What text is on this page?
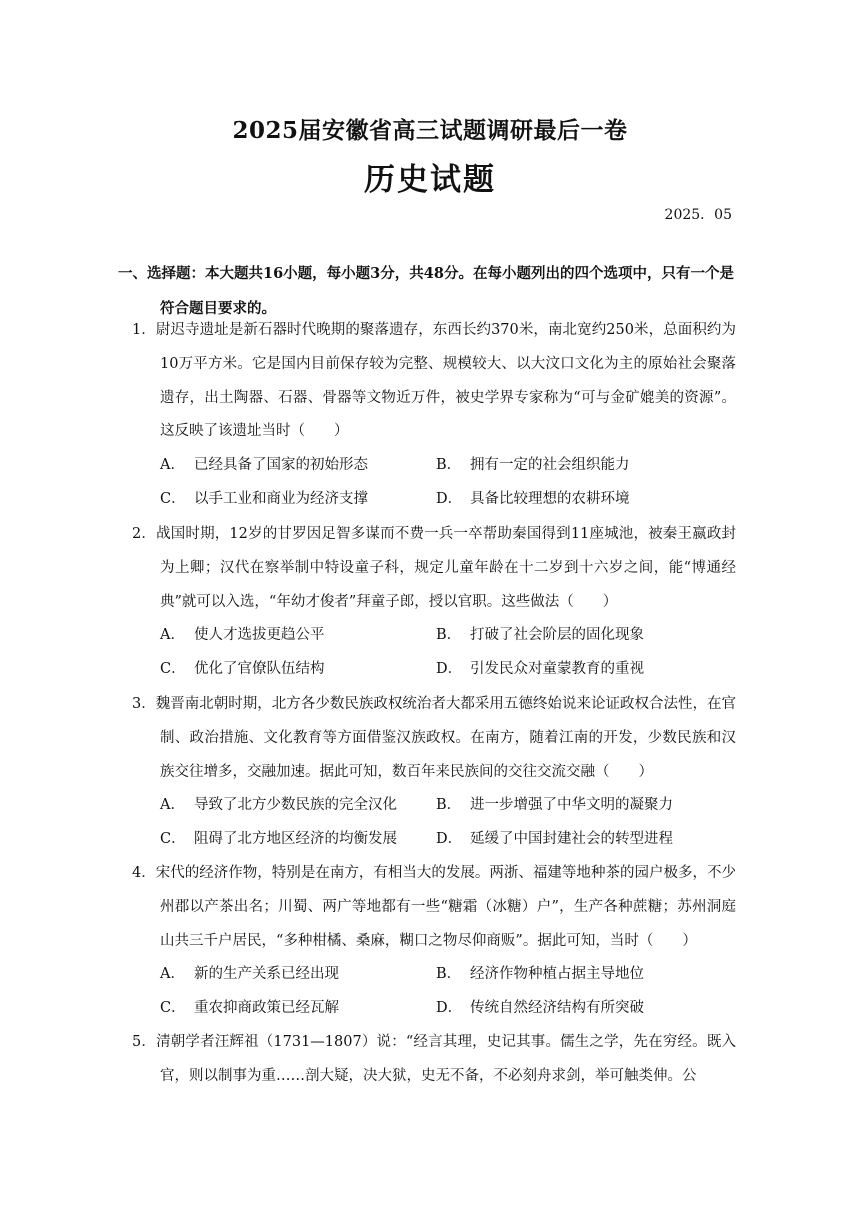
2025届安徽省高三试题调研最后一卷
历史试题
2025．05
一、选择题：本大题共16小题，每小题3分，共48分。在每小题列出的四个选项中，只有一个是符合题目要求的。
1．尉迟寺遗址是新石器时代晚期的聚落遗存，东西长约370米，南北宽约250米，总面积约为10万平方米。它是国内目前保存较为完整、规模较大、以大汶口文化为主的原始社会聚落遗存，出土陶器、石器、骨器等文物近万件，被史学界专家称为“可与金矿媲美的资源”。这反映了该遗址当时（　　）
A． 已经具备了国家的初始形态	B． 拥有一定的社会组织能力
C． 以手工业和商业为经济支撑	D． 具备比较理想的农耕环境
2．战国时期，12岁的甘罗因足智多谋而不费一兵一卒帮助秦国得到11座城池，被秦王嬴政封为上卿；汉代在察举制中特设童子科，规定儿童年龄在十二岁到十六岁之间，能“博通经典”就可以入选，“年幼才俊者”拜童子郎，授以官职。这些做法（　　）
A． 使人才选拔更趋公平	B． 打破了社会阶层的固化现象
C． 优化了官僚队伍结构	D． 引发民众对童蒙教育的重视
3．魏晋南北朝时期，北方各少数民族政权统治者大都采用五德终始说来论证政权合法性，在官制、政治措施、文化教育等方面借鉴汉族政权。在南方，随着江南的开发，少数民族和汉族交往增多，交融加速。据此可知，数百年来民族间的交往交流交融（　　）
A． 导致了北方少数民族的完全汉化	B． 进一步增强了中华文明的凝聚力
C． 阻碍了北方地区经济的均衡发展	D． 延缓了中国封建社会的转型进程
4．宋代的经济作物，特别是在南方，有相当大的发展。两浙、福建等地种茶的园户极多，不少州郡以产茶出名；川蜀、两广等地都有一些“糖霜（冰糖）户”，生产各种蔗糖；苏州洞庭山共三千户居民，“多种柑橘、桑麻，糊口之物尽仰商贩”。据此可知，当时（　　）
A． 新的生产关系已经出现	B． 经济作物种植占据主导地位
C． 重农抑商政策已经瓦解	D． 传统自然经济结构有所突破
5．清朝学者汪辉祖（1731—1807）说：“经言其理，史记其事。儒生之学，先在穷经。既入官，则以制事为重……剖大疑，决大狱，史无不备，不必刻舟求剑，举可触类伸。公
